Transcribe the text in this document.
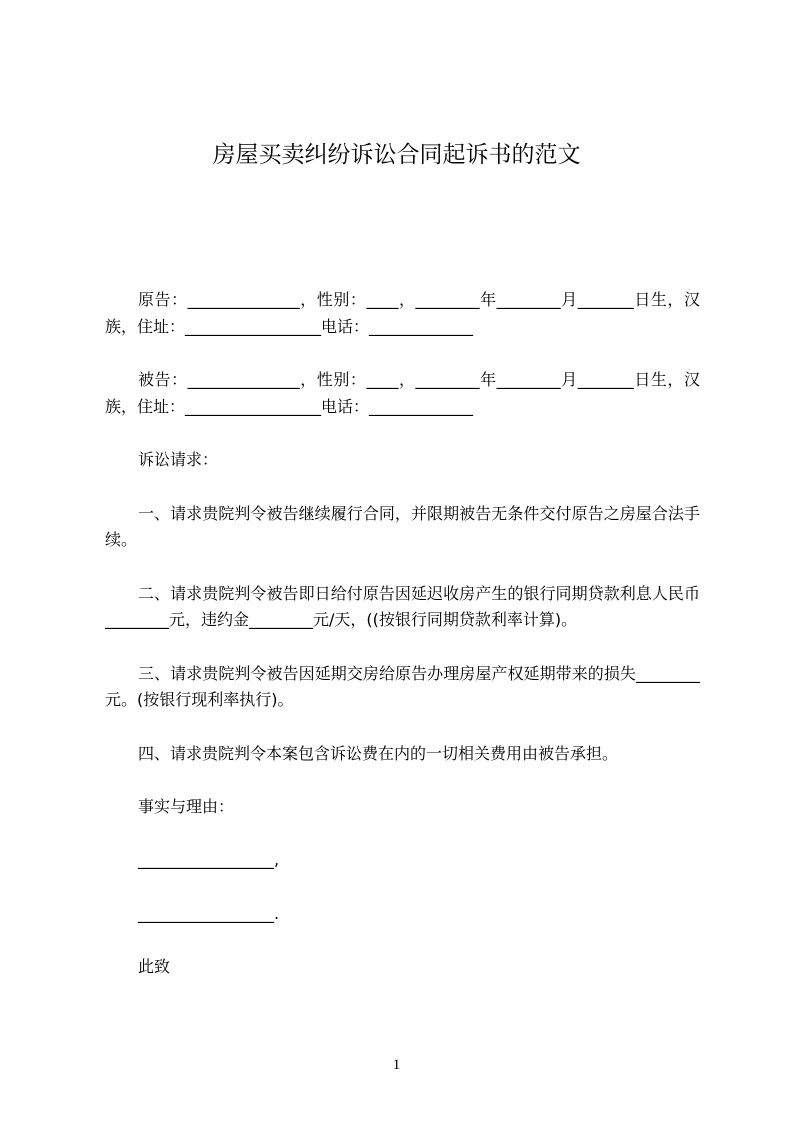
房屋买卖纠纷诉讼合同起诉书的范文
原告：______________，性别：____，________年________月_______日生，汉
族，住址：_________________电话：_____________
被告：______________，性别：____，________年________月_______日生，汉
族，住址：_________________电话：_____________
诉讼请求：
一、请求贵院判令被告继续履行合同，并限期被告无条件交付原告之房屋合法手
续。
二、请求贵院判令被告即日给付原告因延迟收房产生的银行同期贷款利息人民币
________元，违约金________元/天，((按银行同期贷款利率计算)。
三、请求贵院判令被告因延期交房给原告办理房屋产权延期带来的损失________
元。(按银行现利率执行)。
四、请求贵院判令本案包含诉讼费在内的一切相关费用由被告承担。
事实与理由：
_________________,
_________________.
此致
1
